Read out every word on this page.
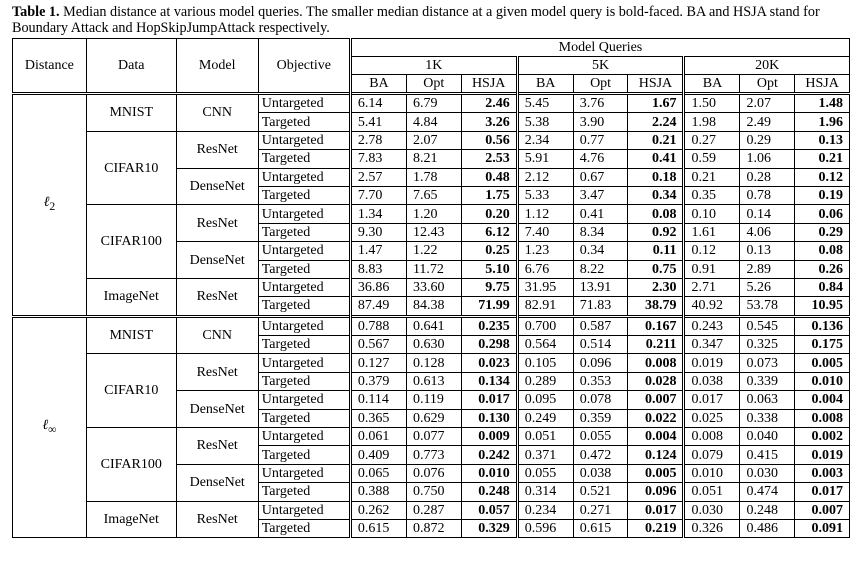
Table 1. Median distance at various model queries. The smaller median distance at a given model query is bold-faced. BA and HSJA stand for Boundary Attack and HopSkipJumpAttack respectively.
Distance	Data	Model	Objective	Model Queries								
				1K			5K			20K		
				BA	Opt	HSJA	BA	Opt	HSJA	BA	Opt	HSJA
ℓ$_2$	MNIST	CNN	Untargeted	6.14	6.79	2.46	5.45	3.76	1.67	1.50	2.07	1.48
			Targeted	5.41	4.84	3.26	5.38	3.90	2.24	1.98	2.49	1.96
	CIFAR10	ResNet	Untargeted	2.78	2.07	0.56	2.34	0.77	0.21	0.27	0.29	0.13
			Targeted	7.83	8.21	2.53	5.91	4.76	0.41	0.59	1.06	0.21
		DenseNet	Untargeted	2.57	1.78	0.48	2.12	0.67	0.18	0.21	0.28	0.12
			Targeted	7.70	7.65	1.75	5.33	3.47	0.34	0.35	0.78	0.19
	CIFAR100	ResNet	Untargeted	1.34	1.20	0.20	1.12	0.41	0.08	0.10	0.14	0.06
			Targeted	9.30	12.43	6.12	7.40	8.34	0.92	1.61	4.06	0.29
		DenseNet	Untargeted	1.47	1.22	0.25	1.23	0.34	0.11	0.12	0.13	0.08
			Targeted	8.83	11.72	5.10	6.76	8.22	0.75	0.91	2.89	0.26
	ImageNet	ResNet	Untargeted	36.86	33.60	9.75	31.95	13.91	2.30	2.71	5.26	0.84
			Targeted	87.49	84.38	71.99	82.91	71.83	38.79	40.92	53.78	10.95
ℓ$_\infty$	MNIST	CNN	Untargeted	0.788	0.641	0.235	0.700	0.587	0.167	0.243	0.545	0.136
			Targeted	0.567	0.630	0.298	0.564	0.514	0.211	0.347	0.325	0.175
	CIFAR10	ResNet	Untargeted	0.127	0.128	0.023	0.105	0.096	0.008	0.019	0.073	0.005
			Targeted	0.379	0.613	0.134	0.289	0.353	0.028	0.038	0.339	0.010
		DenseNet	Untargeted	0.114	0.119	0.017	0.095	0.078	0.007	0.017	0.063	0.004
			Targeted	0.365	0.629	0.130	0.249	0.359	0.022	0.025	0.338	0.008
	CIFAR100	ResNet	Untargeted	0.061	0.077	0.009	0.051	0.055	0.004	0.008	0.040	0.002
			Targeted	0.409	0.773	0.242	0.371	0.472	0.124	0.079	0.415	0.019
		DenseNet	Untargeted	0.065	0.076	0.010	0.055	0.038	0.005	0.010	0.030	0.003
			Targeted	0.388	0.750	0.248	0.314	0.521	0.096	0.051	0.474	0.017
	ImageNet	ResNet	Untargeted	0.262	0.287	0.057	0.234	0.271	0.017	0.030	0.248	0.007
			Targeted	0.615	0.872	0.329	0.596	0.615	0.219	0.326	0.486	0.091
